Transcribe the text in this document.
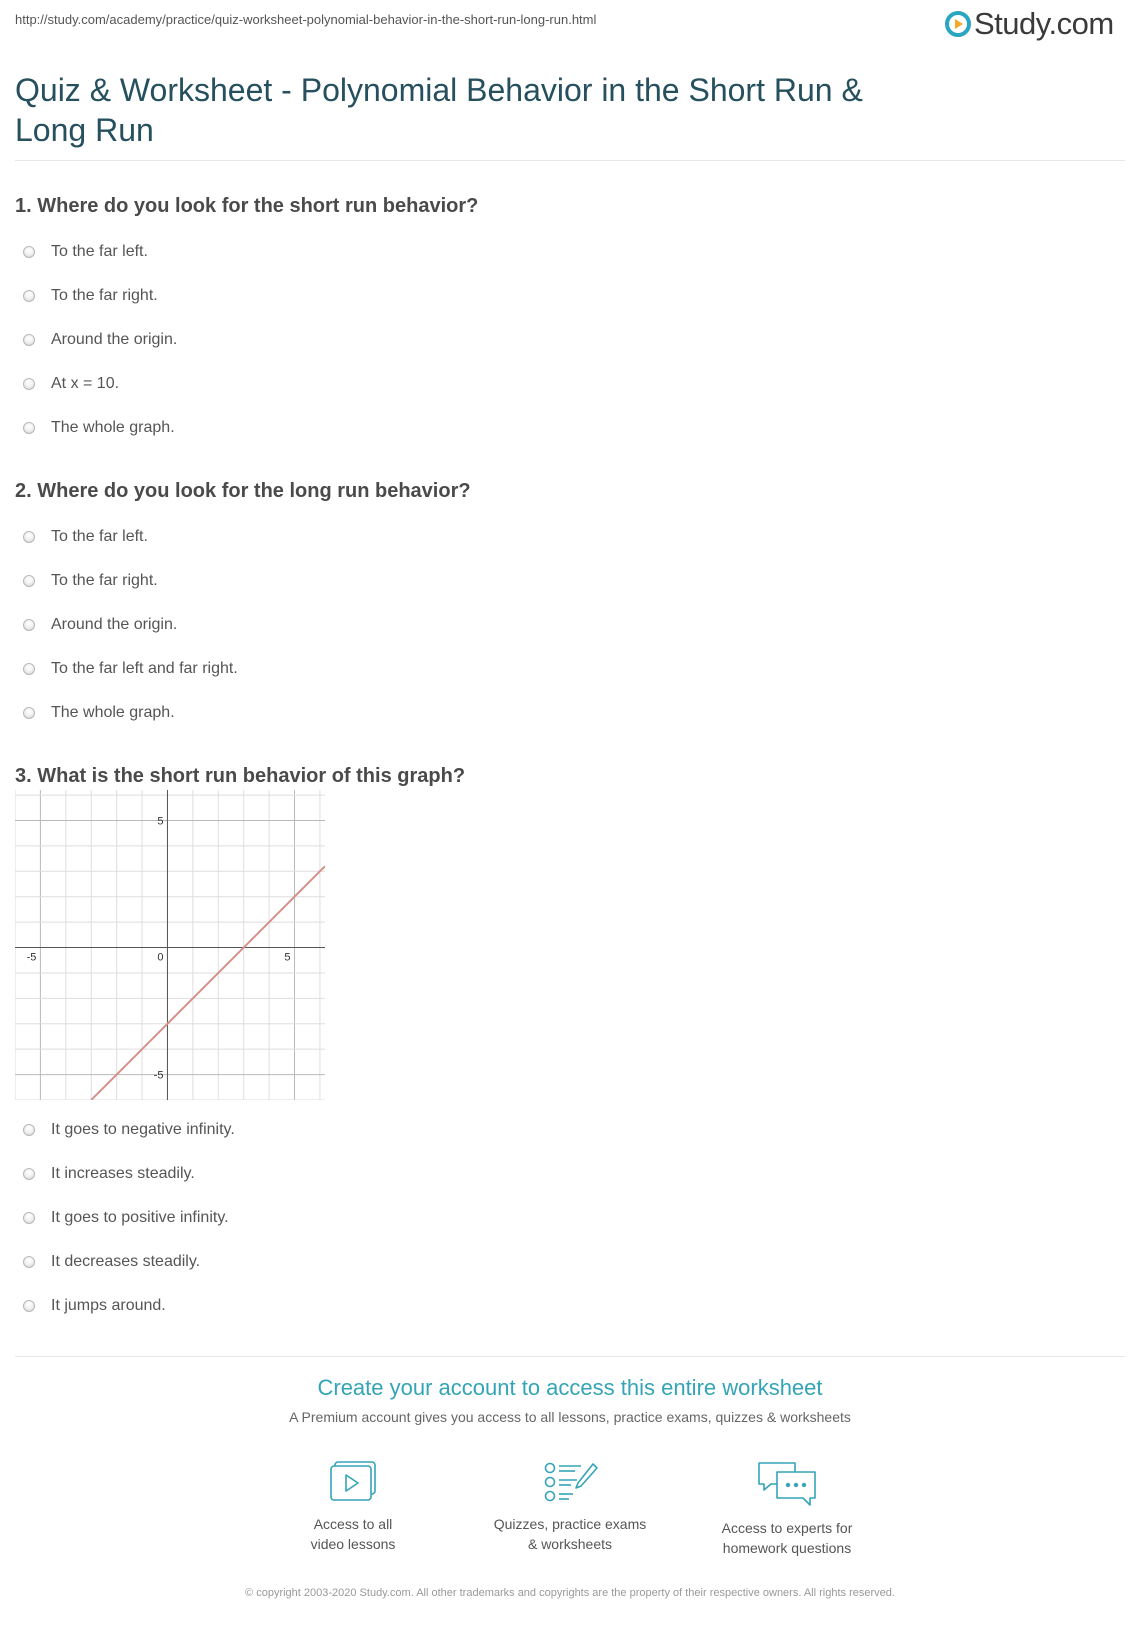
http://study.com/academy/practice/quiz-worksheet-polynomial-behavior-in-the-short-run-long-run.html	Study.com
Quiz & Worksheet - Polynomial Behavior in the Short Run & Long Run

1. Where do you look for the short run behavior?

To the far left.
To the far right.
Around the origin.
At x = 10.
The whole graph.

2. Where do you look for the long run behavior?

To the far left.
To the far right.
Around the origin.
To the far left and far right.
The whole graph.

3. What is the short run behavior of this graph?

-5	0	5
-5
5
It goes to negative infinity.
It increases steadily.
It goes to positive infinity.
It decreases steadily.
It jumps around.
Create your account to access this entire worksheet
A Premium account gives you access to all lessons, practice exams, quizzes & worksheets
Access to all
video lessons
Quizzes, practice exams
& worksheets
Access to experts for
homework questions
© copyright 2003-2020 Study.com. All other trademarks and copyrights are the property of their respective owners. All rights reserved.
